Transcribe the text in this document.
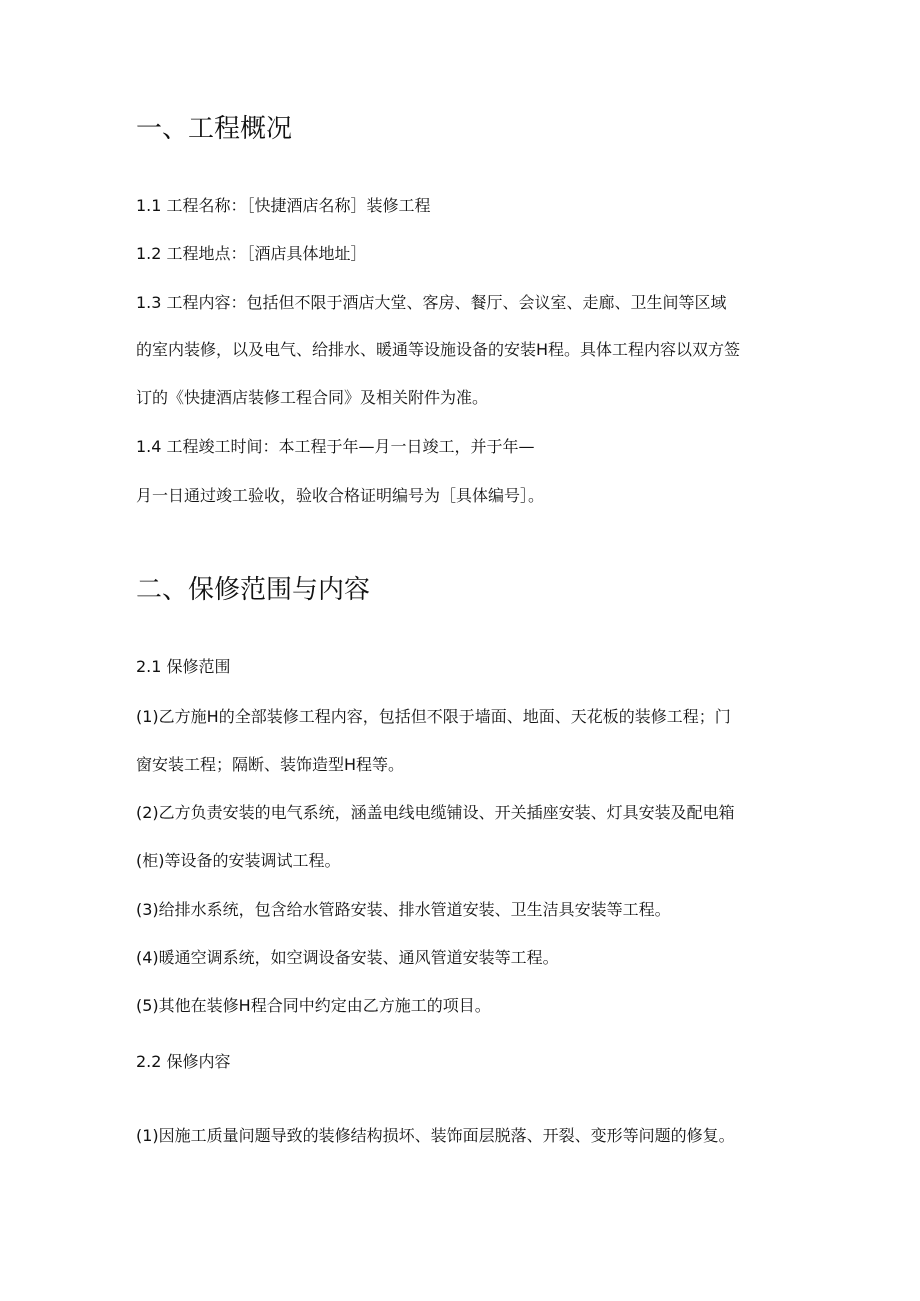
一、工程概况

1.1 工程名称：［快捷酒店名称］装修工程

1.2 工程地点：［酒店具体地址］

1.3 工程内容：包括但不限于酒店大堂、客房、餐厅、会议室、走廊、卫生间等区域

的室内装修，以及电气、给排水、暖通等设施设备的安装H程。具体工程内容以双方签

订的《快捷酒店装修工程合同》及相关附件为准。

1.4 工程竣工时间：本工程于年—月一日竣工，并于年—

月一日通过竣工验收，验收合格证明编号为［具体编号］。

二、保修范围与内容

2.1 保修范围

(1)乙方施H的全部装修工程内容，包括但不限于墙面、地面、天花板的装修工程；门

窗安装工程；隔断、装饰造型H程等。

(2)乙方负责安装的电气系统，涵盖电线电缆铺设、开关插座安装、灯具安装及配电箱

(柜)等设备的安装调试工程。

(3)给排水系统，包含给水管路安装、排水管道安装、卫生洁具安装等工程。

(4)暖通空调系统，如空调设备安装、通风管道安装等工程。

(5)其他在装修H程合同中约定由乙方施工的项目。

2.2 保修内容

(1)因施工质量问题导致的装修结构损坏、装饰面层脱落、开裂、变形等问题的修复。
